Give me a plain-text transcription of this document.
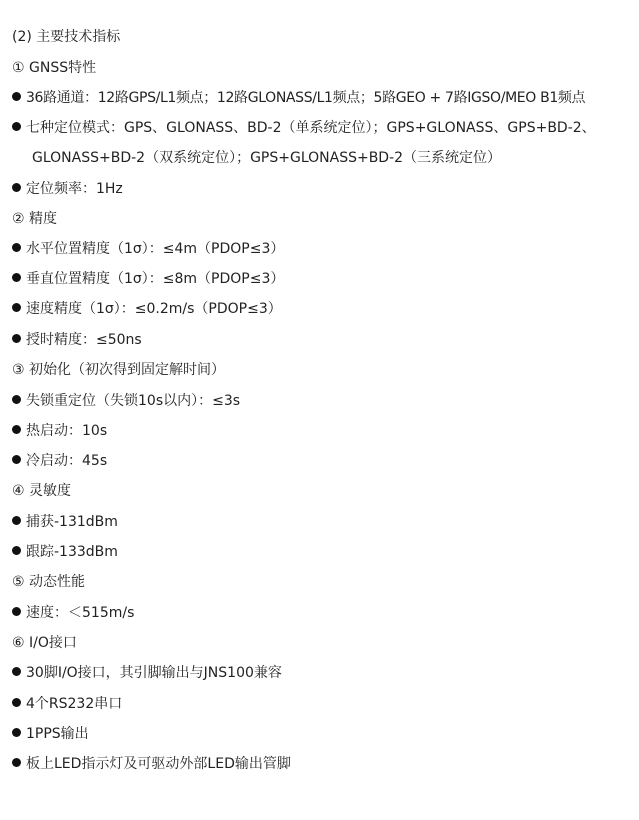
(2) 主要技术指标
① GNSS特性
36路通道：12路GPS/L1频点；12路GLONASS/L1频点；5路GEO + 7路IGSO/MEO B1频点
七种定位模式：GPS、GLONASS、BD-2（单系统定位）；GPS+GLONASS、GPS+BD-2、
GLONASS+BD-2（双系统定位）；GPS+GLONASS+BD-2（三系统定位）
定位频率：1Hz
② 精度
水平位置精度（1σ）：≤4m（PDOP≤3）
垂直位置精度（1σ）：≤8m（PDOP≤3）
速度精度（1σ）：≤0.2m/s（PDOP≤3）
授时精度：≤50ns
③ 初始化（初次得到固定解时间）
失锁重定位（失锁10s以内）：≤3s
热启动：10s
冷启动：45s
④ 灵敏度
捕获-131dBm
跟踪-133dBm
⑤ 动态性能
速度：＜515m/s
⑥ I/O接口
30脚I/O接口，其引脚输出与JNS100兼容
4个RS232串口
1PPS输出
板上LED指示灯及可驱动外部LED输出管脚
